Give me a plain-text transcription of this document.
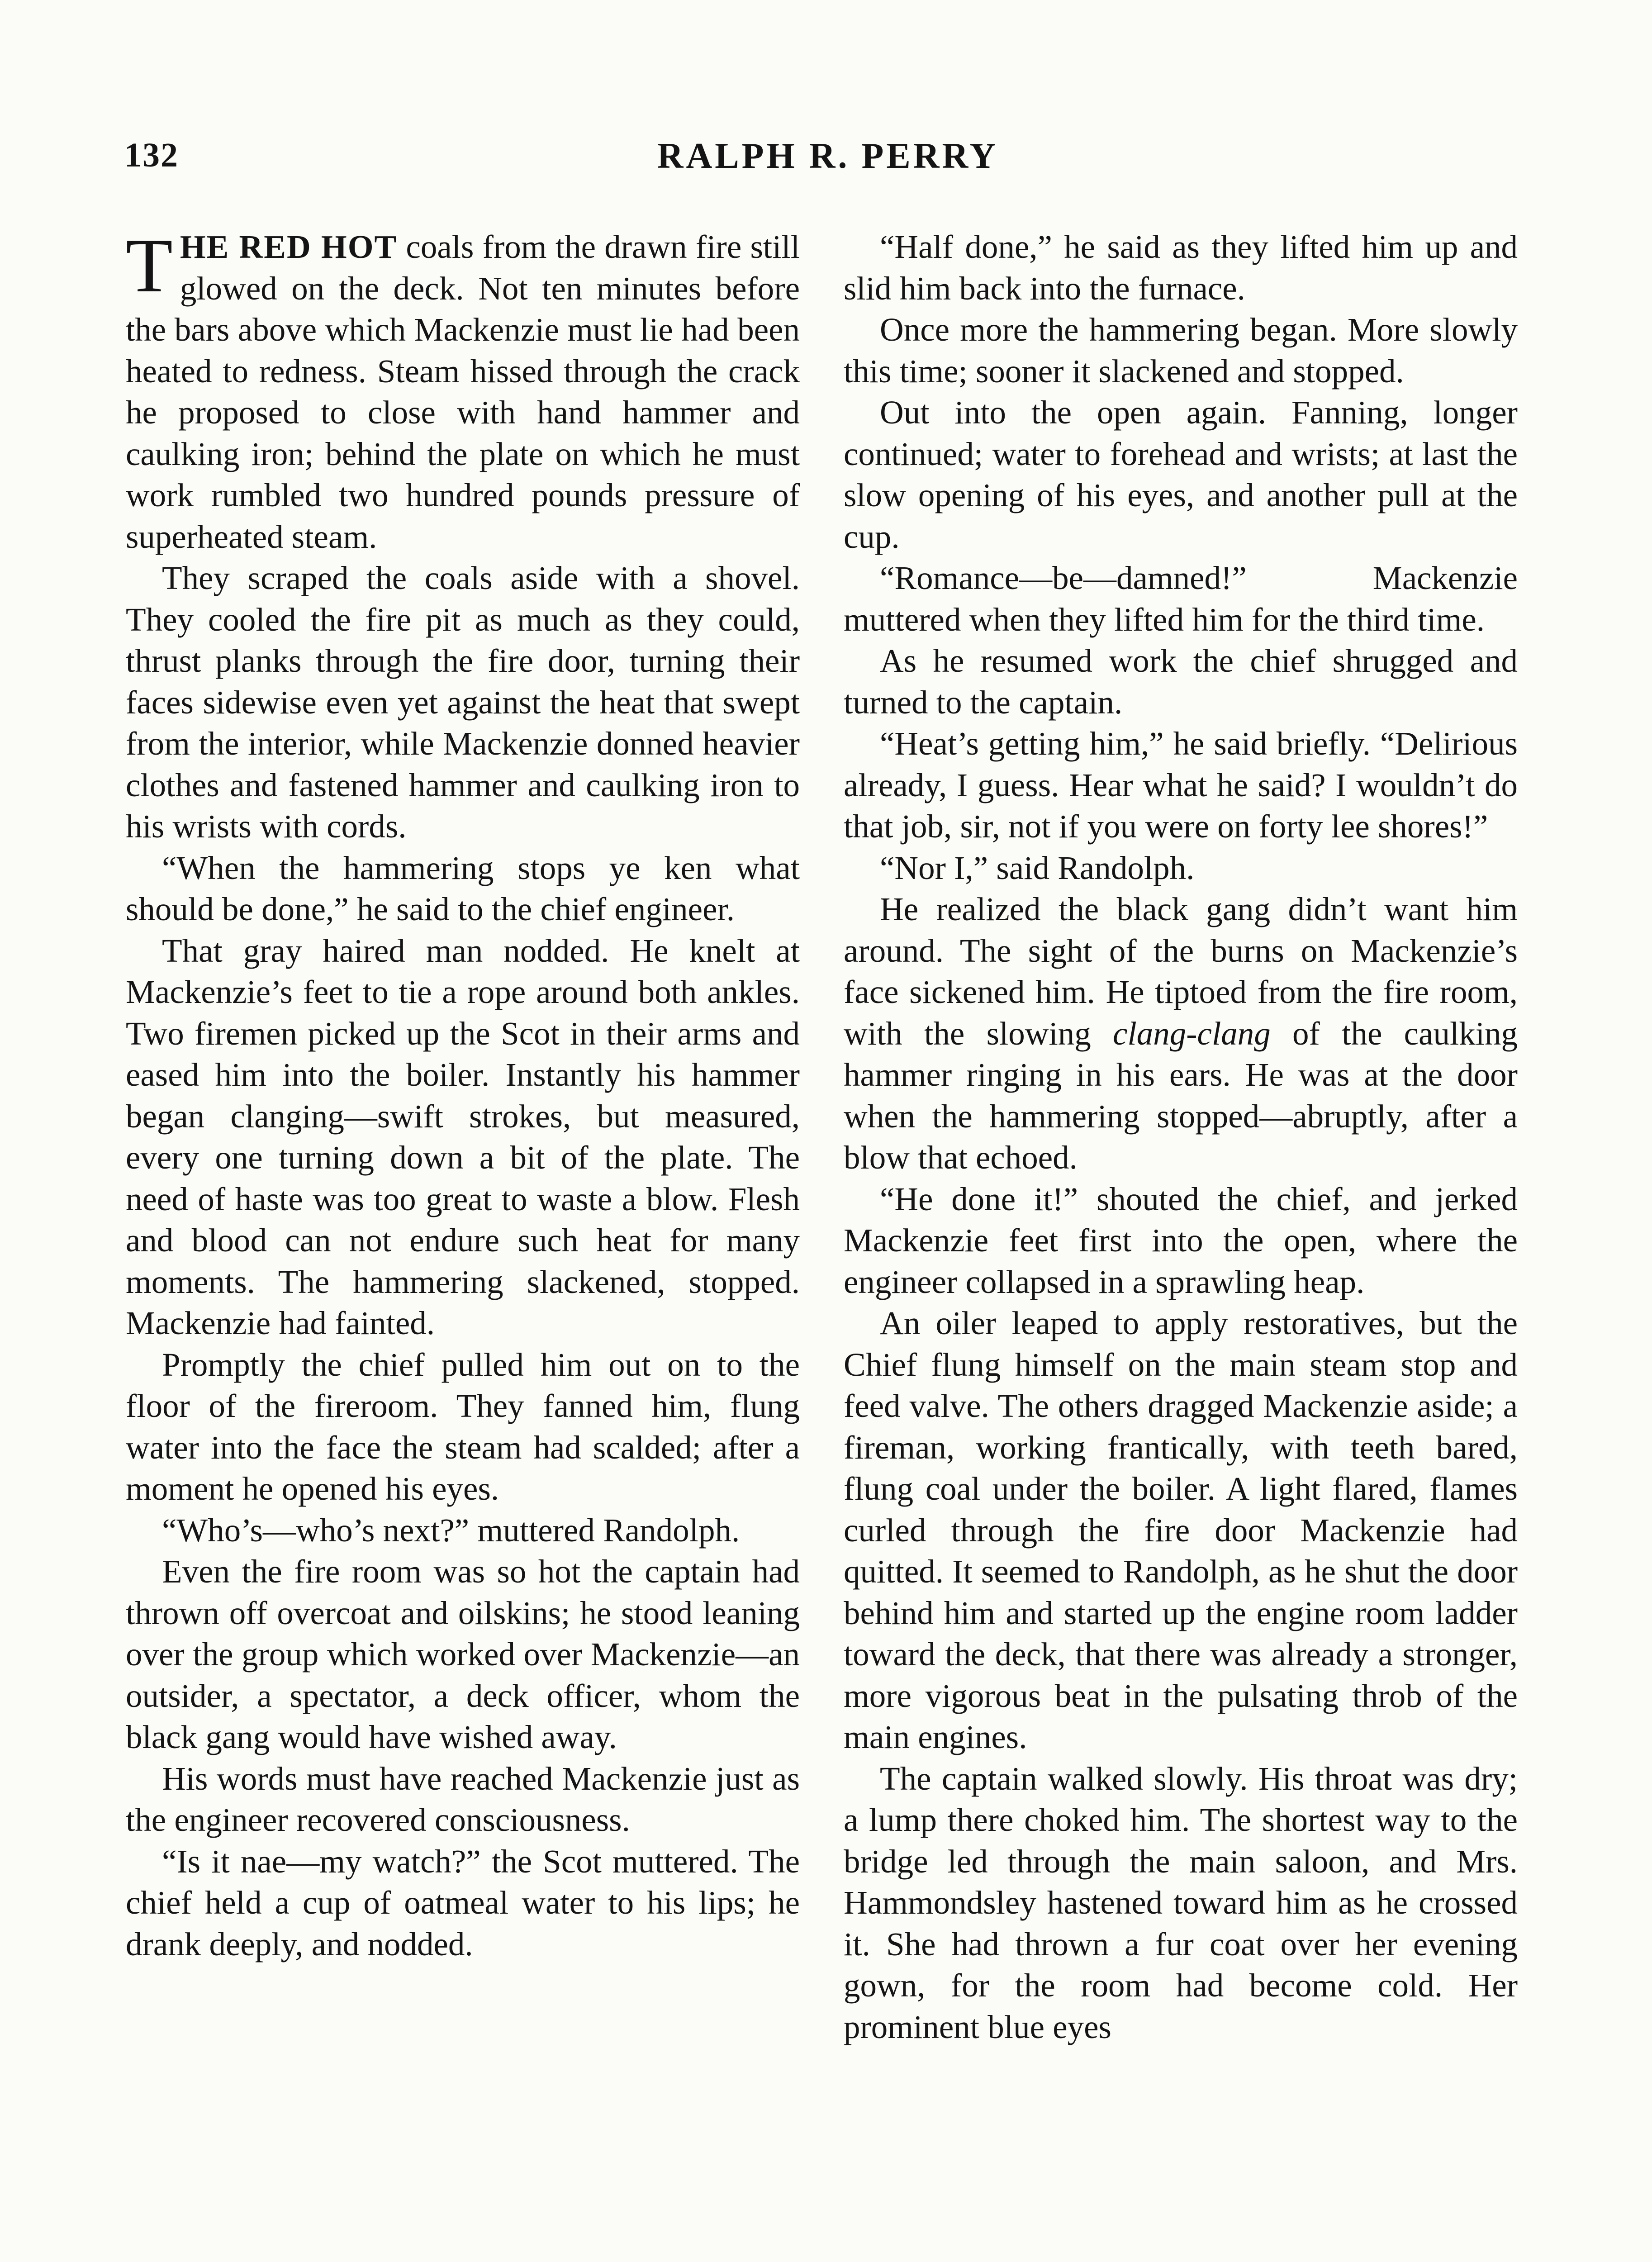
132	RALPH R. PERRY

THE RED HOT coals from the drawn fire still glowed on the deck. Not ten minutes before the bars above which Mackenzie must lie had been heated to redness. Steam hissed through the crack he proposed to close with hand hammer and caulking iron; behind the plate on which he must work rumbled two hundred pounds pressure of superheated steam.

They scraped the coals aside with a shovel. They cooled the fire pit as much as they could, thrust planks through the fire door, turning their faces sidewise even yet against the heat that swept from the interior, while Mackenzie donned heavier clothes and fastened hammer and caulking iron to his wrists with cords.

“When the hammering stops ye ken what should be done,” he said to the chief engineer.

That gray haired man nodded. He knelt at Mackenzie’s feet to tie a rope around both ankles. Two firemen picked up the Scot in their arms and eased him into the boiler. Instantly his hammer began clanging—swift strokes, but measured, every one turning down a bit of the plate. The need of haste was too great to waste a blow. Flesh and blood can not endure such heat for many moments. The hammering slackened, stopped. Mackenzie had fainted.

Promptly the chief pulled him out on to the floor of the fireroom. They fanned him, flung water into the face the steam had scalded; after a moment he opened his eyes.

“Who’s—who’s next?” muttered Randolph.

Even the fire room was so hot the captain had thrown off overcoat and oilskins; he stood leaning over the group which worked over Mackenzie—an outsider, a spectator, a deck officer, whom the black gang would have wished away.

His words must have reached Mackenzie just as the engineer recovered consciousness.

“Is it nae—my watch?” the Scot muttered. The chief held a cup of oatmeal water to his lips; he drank deeply, and nodded.

“Half done,” he said as they lifted him up and slid him back into the furnace.

Once more the hammering began. More slowly this time; sooner it slackened and stopped.

Out into the open again. Fanning, longer continued; water to forehead and wrists; at last the slow opening of his eyes, and another pull at the cup.

“Romance—be—damned!” Mackenzie muttered when they lifted him for the third time.

As he resumed work the chief shrugged and turned to the captain.

“Heat’s getting him,” he said briefly. “Delirious already, I guess. Hear what he said? I wouldn’t do that job, sir, not if you were on forty lee shores!”

“Nor I,” said Randolph.

He realized the black gang didn’t want him around. The sight of the burns on Mackenzie’s face sickened him. He tiptoed from the fire room, with the slowing clang-clang of the caulking hammer ringing in his ears. He was at the door when the hammering stopped—abruptly, after a blow that echoed.

“He done it!” shouted the chief, and jerked Mackenzie feet first into the open, where the engineer collapsed in a sprawling heap.

An oiler leaped to apply restoratives, but the Chief flung himself on the main steam stop and feed valve. The others dragged Mackenzie aside; a fireman, working frantically, with teeth bared, flung coal under the boiler. A light flared, flames curled through the fire door Mackenzie had quitted. It seemed to Randolph, as he shut the door behind him and started up the engine room ladder toward the deck, that there was already a stronger, more vigorous beat in the pulsating throb of the main engines.

The captain walked slowly. His throat was dry; a lump there choked him. The shortest way to the bridge led through the main saloon, and Mrs. Hammondsley hastened toward him as he crossed it. She had thrown a fur coat over her evening gown, for the room had become cold. Her prominent blue eyes
